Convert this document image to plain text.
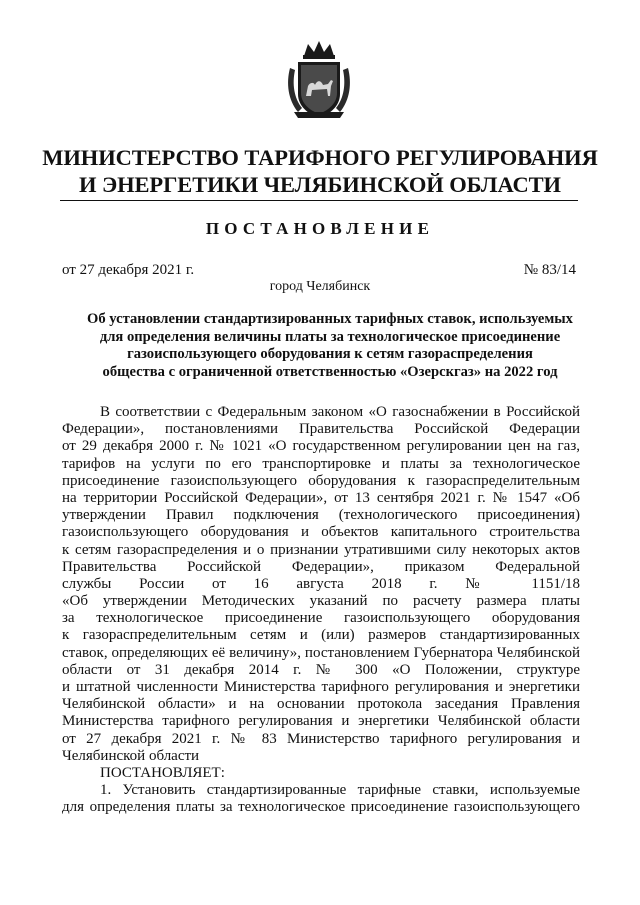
МИНИСТЕРСТВО ТАРИФНОГО РЕГУЛИРОВАНИЯ
И ЭНЕРГЕТИКИ ЧЕЛЯБИНСКОЙ ОБЛАСТИ
ПОСТАНОВЛЕНИЕ
от 27 декабря 2021 г.	№ 83/14
город Челябинск
Об установлении стандартизированных тарифных ставок, используемых
для определения величины платы за технологическое присоединение
газоиспользующего оборудования к сетям газораспределения
общества с ограниченной ответственностью «Озерскгаз» на 2022 год
В соответствии с Федеральным законом «О газоснабжении в Российской
Федерации», постановлениями Правительства Российской Федерации
от 29 декабря 2000 г. № 1021 «О государственном регулировании цен на газ,
тарифов на услуги по его транспортировке и платы за технологическое
присоединение газоиспользующего оборудования к газораспределительным
на территории Российской Федерации», от 13 сентября 2021 г. № 1547 «Об
утверждении Правил подключения (технологического присоединения)
газоиспользующего оборудования и объектов капитального строительства
к сетям газораспределения и о признании утратившими силу некоторых актов
Правительства Российской Федерации», приказом Федеральной
службы России от 16 августа 2018 г. № 1151/18
«Об утверждении Методических указаний по расчету размера платы
за технологическое присоединение газоиспользующего оборудования
к газораспределительным сетям и (или) размеров стандартизированных
ставок, определяющих её величину», постановлением Губернатора Челябинской
области от 31 декабря 2014 г. № 300 «О Положении, структуре
и штатной численности Министерства тарифного регулирования и энергетики
Челябинской области» и на основании протокола заседания Правления
Министерства тарифного регулирования и энергетики Челябинской области
от 27 декабря 2021 г. № 83 Министерство тарифного регулирования и
Челябинской области
ПОСТАНОВЛЯЕТ:
1. Установить стандартизированные тарифные ставки, используемые
для определения платы за технологическое присоединение газоиспользующего
